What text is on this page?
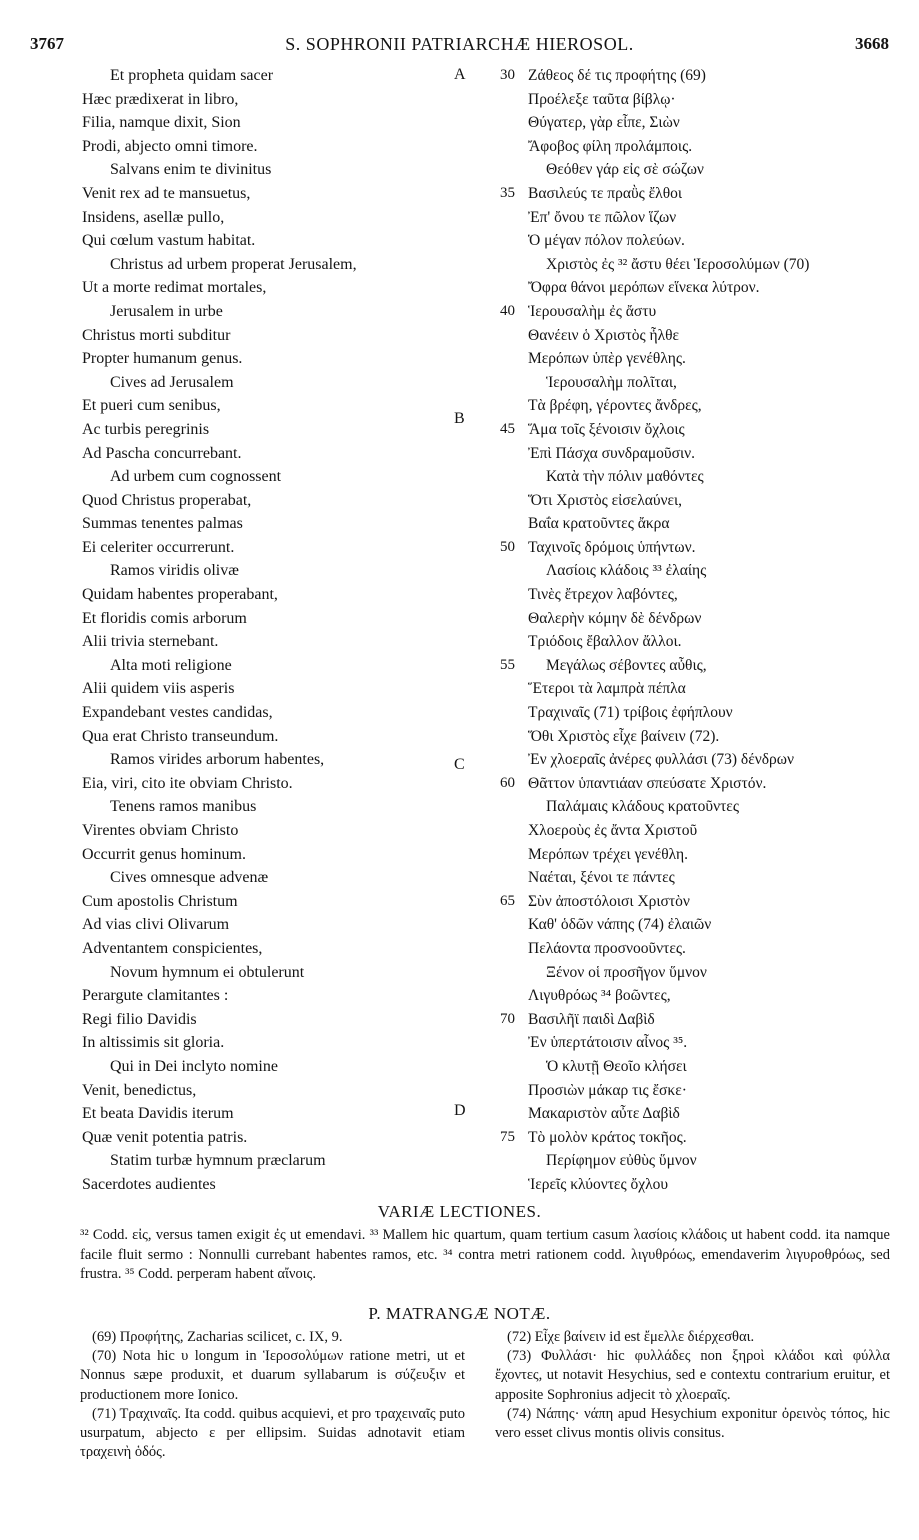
3767	S. SOPHRONII PATRIARCHÆ HIEROSOL.	3668
Et propheta quidam sacer
Hæc prædixerat in libro,
Filia, namque dixit, Sion
Prodi, abjecto omni timore.
Salvans enim te divinitus
Venit rex ad te mansuetus,
Insidens, asellæ pullo,
Qui cœlum vastum habitat.
Christus ad urbem properat Jerusalem,
Ut a morte redimat mortales,
Jerusalem in urbe
Christus morti subditur
Propter humanum genus.
Cives ad Jerusalem
Et pueri cum senibus,
Ac turbis peregrinis
Ad Pascha concurrebant.
Ad urbem cum cognossent
Quod Christus properabat,
Summas tenentes palmas
Ei celeriter occurrerunt.
Ramos viridis olivæ
Quidam habentes properabant,
Et floridis comis arborum
Alii trivia sternebant.
Alta moti religione
Alii quidem viis asperis
Expandebant vestes candidas,
Qua erat Christo transeundum.
Ramos virides arborum habentes,
Eia, viri, cito ite obviam Christo.
Tenens ramos manibus
Virentes obviam Christo
Occurrit genus hominum.
Cives omnesque advenæ
Cum apostolis Christum
Ad vias clivi Olivarum
Adventantem conspicientes,
Novum hymnum ei obtulerunt
Perargute clamitantes :
Regi filio Davidis
In altissimis sit gloria.
Qui in Dei inclyto nomine
Venit, benedictus,
Et beata Davidis iterum
Quæ venit potentia patris.
Statim turbæ hymnum præclarum
Sacerdotes audientes
30 Ζάθεος δέ τις προφήτης (69)
Προέλεξε ταῦτα βίβλῳ·
Θύγατερ, γὰρ εἶπε, Σιὼν
Ἄφοβος φίλη προλάμποις.
Θεόθεν γάρ εἰς σὲ σώζων
35 Βασιλεύς τε πραῢς ἔλθοι
Ἐπ' ὄνου τε πῶλον ἵζων
Ὁ μέγαν πόλον πολεύων.
Χριστὸς ἐς ³² ἄστυ θέει Ἱεροσολύμων (70)
Ὄφρα θάνοι μερόπων εἵνεκα λύτρον.
40 Ἱερουσαλὴμ ἐς ἄστυ
Θανέειν ὁ Χριστὸς ἦλθε
Μερόπων ὑπὲρ γενέθλης.
Ἱερουσαλὴμ πολῖται,
Τὰ βρέφη, γέροντες ἄνδρες,
45 Ἅμα τοῖς ξένοισιν ὄχλοις
Ἐπὶ Πάσχα συνδραμοῦσιν.
Κατὰ τὴν πόλιν μαθόντες
Ὅτι Χριστὸς εἰσελαύνει,
Βαΐα κρατοῦντες ἄκρα
50 Ταχινοῖς δρόμοις ὑπήντων.
Λασίοις κλάδοις ³³ ἐλαίης
Τινὲς ἔτρεχον λαβόντες,
Θαλερὴν κόμην δὲ δένδρων
Τριόδοις ἔβαλλον ἄλλοι.
55 Μεγάλως σέβοντες αὖθις,
Ἕτεροι τὰ λαμπρὰ πέπλα
Τραχιναῖς (71) τρίβοις ἐφήπλουν
Ὅθι Χριστὸς εἶχε βαίνειν (72).
Ἐν χλοεραῖς ἀνέρες φυλλάσι (73) δένδρων
60 Θᾶττον ὑπαντιάαν σπεύσατε Χριστόν.
Παλάμαις κλάδους κρατοῦντες
Χλοεροὺς ἐς ἄντα Χριστοῦ
Μερόπων τρέχει γενέθλη.
Ναέται, ξένοι τε πάντες
65 Σὺν ἀποστόλοισι Χριστὸν
Καθ' ὁδῶν νάπης (74) ἐλαιῶν
Πελάοντα προσνοοῦντες.
Ξένον οἱ προσῆγον ὕμνον
Λιγυθρόως ³⁴ βοῶντες,
70 Βασιλῆϊ παιδὶ Δαβὶδ
Ἐν ὑπερτάτοισιν αἶνος ³⁵.
Ὁ κλυτῇ Θεοῖο κλήσει
Προσιὼν μάκαρ τις ἔσκε·
Μακαριστὸν αὖτε Δαβὶδ
75 Τὸ μολὸν κράτος τοκῆος.
Περίφημον εὐθὺς ὕμνον
Ἱερεῖς κλύοντες ὄχλου
A
B
C
D
VARIÆ LECTIONES.

³² Codd. εἰς, versus tamen exigit ἐς ut emendavi. ³³ Mallem hic quartum, quam tertium casum λασίοις κλάδοις ut habent codd. ita namque facile fluit sermo : Nonnulli currebant habentes ramos, etc. ³⁴ contra metri rationem codd. λιγυθρόως, emendaverim λιγυροθρόως, sed frustra. ³⁵ Codd. perperam habent αἴνοις.

P. MATRANGÆ NOTÆ.

(69) Προφήτης, Zacharias scilicet, c. IX, 9.

(70) Nota hic υ longum in Ἱεροσολύμων ratione metri, ut et Nonnus sæpe produxit, et duarum syllabarum is σύζευξιν et productionem more Ionico.

(71) Τραχιναῖς. Ita codd. quibus acquievi, et pro τραχειναῖς puto usurpatum, abjecto ε per ellipsim. Suidas adnotavit etiam τραχεινὴ ὁδός.

(72) Εἶχε βαίνειν id est ἔμελλε διέρχεσθαι.

(73) Φυλλάσι· hic φυλλάδες non ξηροὶ κλάδοι καὶ φύλλα ἔχοντες, ut notavit Hesychius, sed e contextu contrarium eruitur, et apposite Sophronius adjecit τὸ χλοεραῖς.

(74) Νάπης· νάπη apud Hesychium exponitur ὀρεινὸς τόπος, hic vero esset clivus montis olivis consitus.
